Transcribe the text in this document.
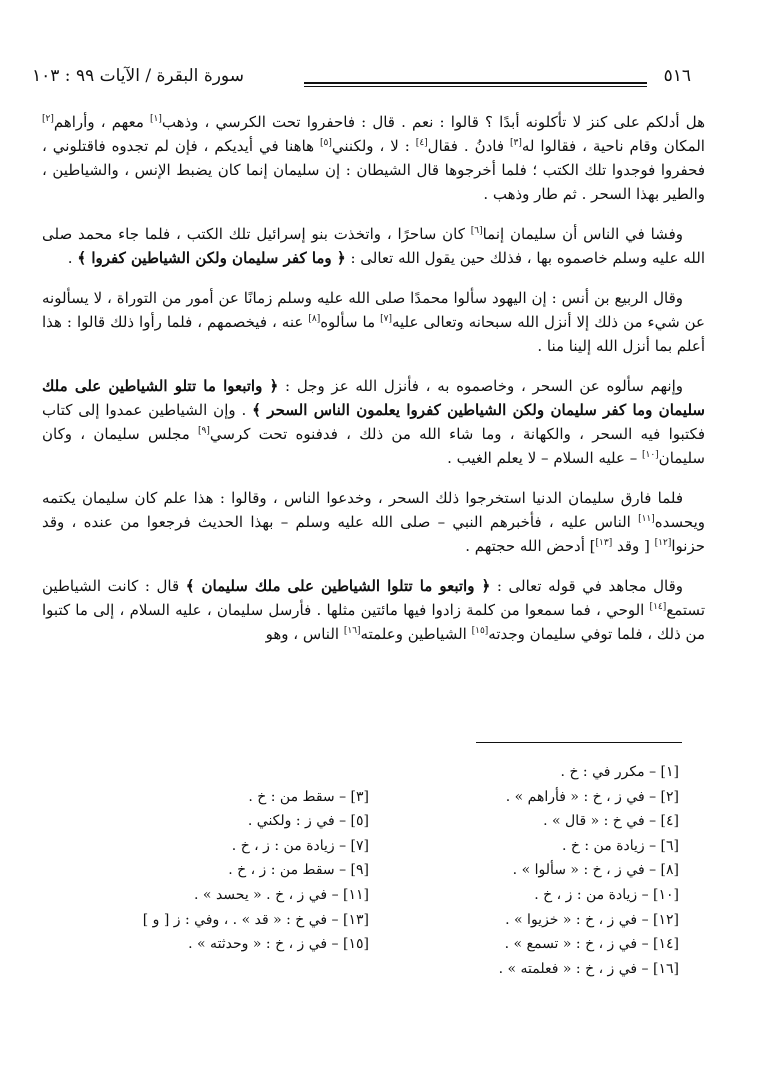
سورة البقرة / الآيات ٩٩ : ١٠٣	٥١٦

هل أدلكم على كنز لا تأكلونه أبدًا ؟ قالوا : نعم . قال : فاحفروا تحت الكرسي ، وذهب[١] معهم ، وأراهم[٢] المكان وقام ناحية ، فقالوا له[٣] فادنُ . فقال[٤] : لا ، ولكنني[٥] هاهنا في أيديكم ، فإن لم تجدوه فاقتلوني ، فحفروا فوجدوا تلك الكتب ؛ فلما أخرجوها قال الشيطان : إن سليمان إنما كان يضبط الإنس ، والشياطين ، والطير بهذا السحر . ثم طار وذهب .

وفشا في الناس أن سليمان إنما[٦] كان ساحرًا ، واتخذت بنو إسرائيل تلك الكتب ، فلما جاء محمد صلى الله عليه وسلم خاصموه بها ، فذلك حين يقول الله تعالى : ﴿ وما كفر سليمان ولكن الشياطين كفروا ﴾ .

وقال الربيع بن أنس : إن اليهود سألوا محمدًا صلى الله عليه وسلم زمانًا عن أمور من التوراة ، لا يسألونه عن شيء من ذلك إلا أنزل الله سبحانه وتعالى عليه[٧] ما سألوه[٨] عنه ، فيخصمهم ، فلما رأوا ذلك قالوا : هذا أعلم بما أنزل الله إلينا منا .

وإنهم سألوه عن السحر ، وخاصموه به ، فأنزل الله عز وجل : ﴿ واتبعوا ما تتلو الشياطين على ملك سليمان وما كفر سليمان ولكن الشياطين كفروا يعلمون الناس السحر ﴾ . وإن الشياطين عمدوا إلى كتاب فكتبوا فيه السحر ، والكهانة ، وما شاء الله من ذلك ، فدفنوه تحت كرسي[٩] مجلس سليمان ، وكان سليمان[١٠] – عليه السلام – لا يعلم الغيب .

فلما فارق سليمان الدنيا استخرجوا ذلك السحر ، وخدعوا الناس ، وقالوا : هذا علم كان سليمان يكتمه ويحسده[١١] الناس عليه ، فأخبرهم النبي – صلى الله عليه وسلم – بهذا الحديث فرجعوا من عنده ، وقد حزنوا[١٢] [ وقد [١٣]] أدحض الله حجتهم .

وقال مجاهد في قوله تعالى : ﴿ واتبعو ما تتلوا الشياطين على ملك سليمان ﴾ قال : كانت الشياطين تستمع[١٤] الوحي ، فما سمعوا من كلمة زادوا فيها مائتين مثلها . فأرسل سليمان ، عليه السلام ، إلى ما كتبوا من ذلك ، فلما توفي سليمان وجدته[١٥] الشياطين وعلمته[١٦] الناس ، وهو

[١] – مكرر في : خ .
[٢] – في ز ، خ : « فأراهم » .
[٣] – سقط من : خ .
[٤] – في خ : « قال » .
[٥] – في ز : ولكني .
[٦] – زيادة من : خ .
[٧] – زيادة من : ز ، خ .
[٨] – في ز ، خ : « سألوا » .
[٩] – سقط من : ز ، خ .
[١٠] – زيادة من : ز ، خ .
[١١] – في ز ، خ . « يحسد » .
[١٢] – في ز ، خ : « خزيوا » .
[١٣] – في خ : « قد » . ، وفي : ز [ و ]
[١٤] – في ز ، خ : « تسمع » .
[١٥] – في ز ، خ : « وحدثته » .
[١٦] – في ز ، خ : « فعلمته » .
